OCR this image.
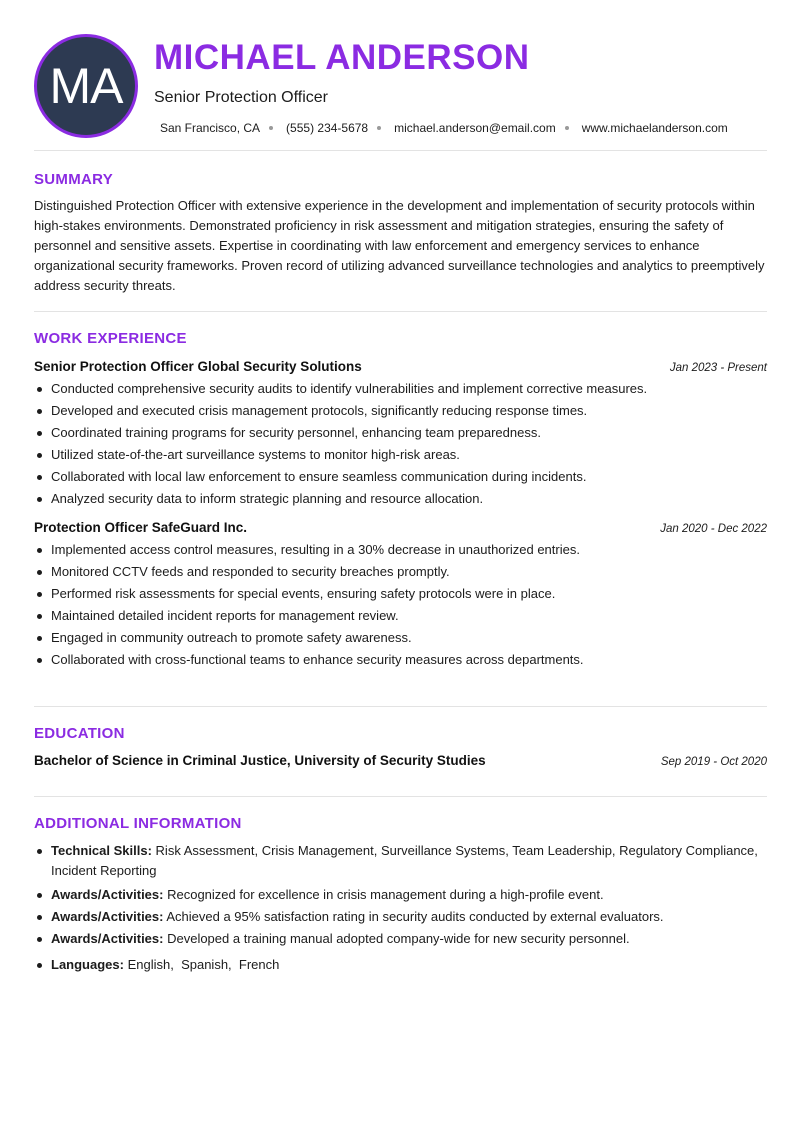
MA
MICHAEL ANDERSON
Senior Protection Officer
San Francisco, CA (555) 234-5678 michael.anderson@email.com www.michaelanderson.com
SUMMARY
Distinguished Protection Officer with extensive experience in the development and implementation of security protocols within high-stakes environments. Demonstrated proficiency in risk assessment and mitigation strategies, ensuring the safety of personnel and sensitive assets. Expertise in coordinating with law enforcement and emergency services to enhance organizational security frameworks. Proven record of utilizing advanced surveillance technologies and analytics to preemptively address security threats.
WORK EXPERIENCE
Senior Protection Officer Global Security Solutions	Jan 2023 - Present
Conducted comprehensive security audits to identify vulnerabilities and implement corrective measures.
Developed and executed crisis management protocols, significantly reducing response times.
Coordinated training programs for security personnel, enhancing team preparedness.
Utilized state-of-the-art surveillance systems to monitor high-risk areas.
Collaborated with local law enforcement to ensure seamless communication during incidents.
Analyzed security data to inform strategic planning and resource allocation.
Protection Officer SafeGuard Inc.	Jan 2020 - Dec 2022
Implemented access control measures, resulting in a 30% decrease in unauthorized entries.
Monitored CCTV feeds and responded to security breaches promptly.
Performed risk assessments for special events, ensuring safety protocols were in place.
Maintained detailed incident reports for management review.
Engaged in community outreach to promote safety awareness.
Collaborated with cross-functional teams to enhance security measures across departments.
EDUCATION
Bachelor of Science in Criminal Justice, University of Security Studies	Sep 2019 - Oct 2020
ADDITIONAL INFORMATION
Technical Skills: Risk Assessment, Crisis Management, Surveillance Systems, Team Leadership, Regulatory Compliance, Incident Reporting
Awards/Activities: Recognized for excellence in crisis management during a high-profile event.
Awards/Activities: Achieved a 95% satisfaction rating in security audits conducted by external evaluators.
Awards/Activities: Developed a training manual adopted company-wide for new security personnel.
Languages: English,  Spanish,  French
